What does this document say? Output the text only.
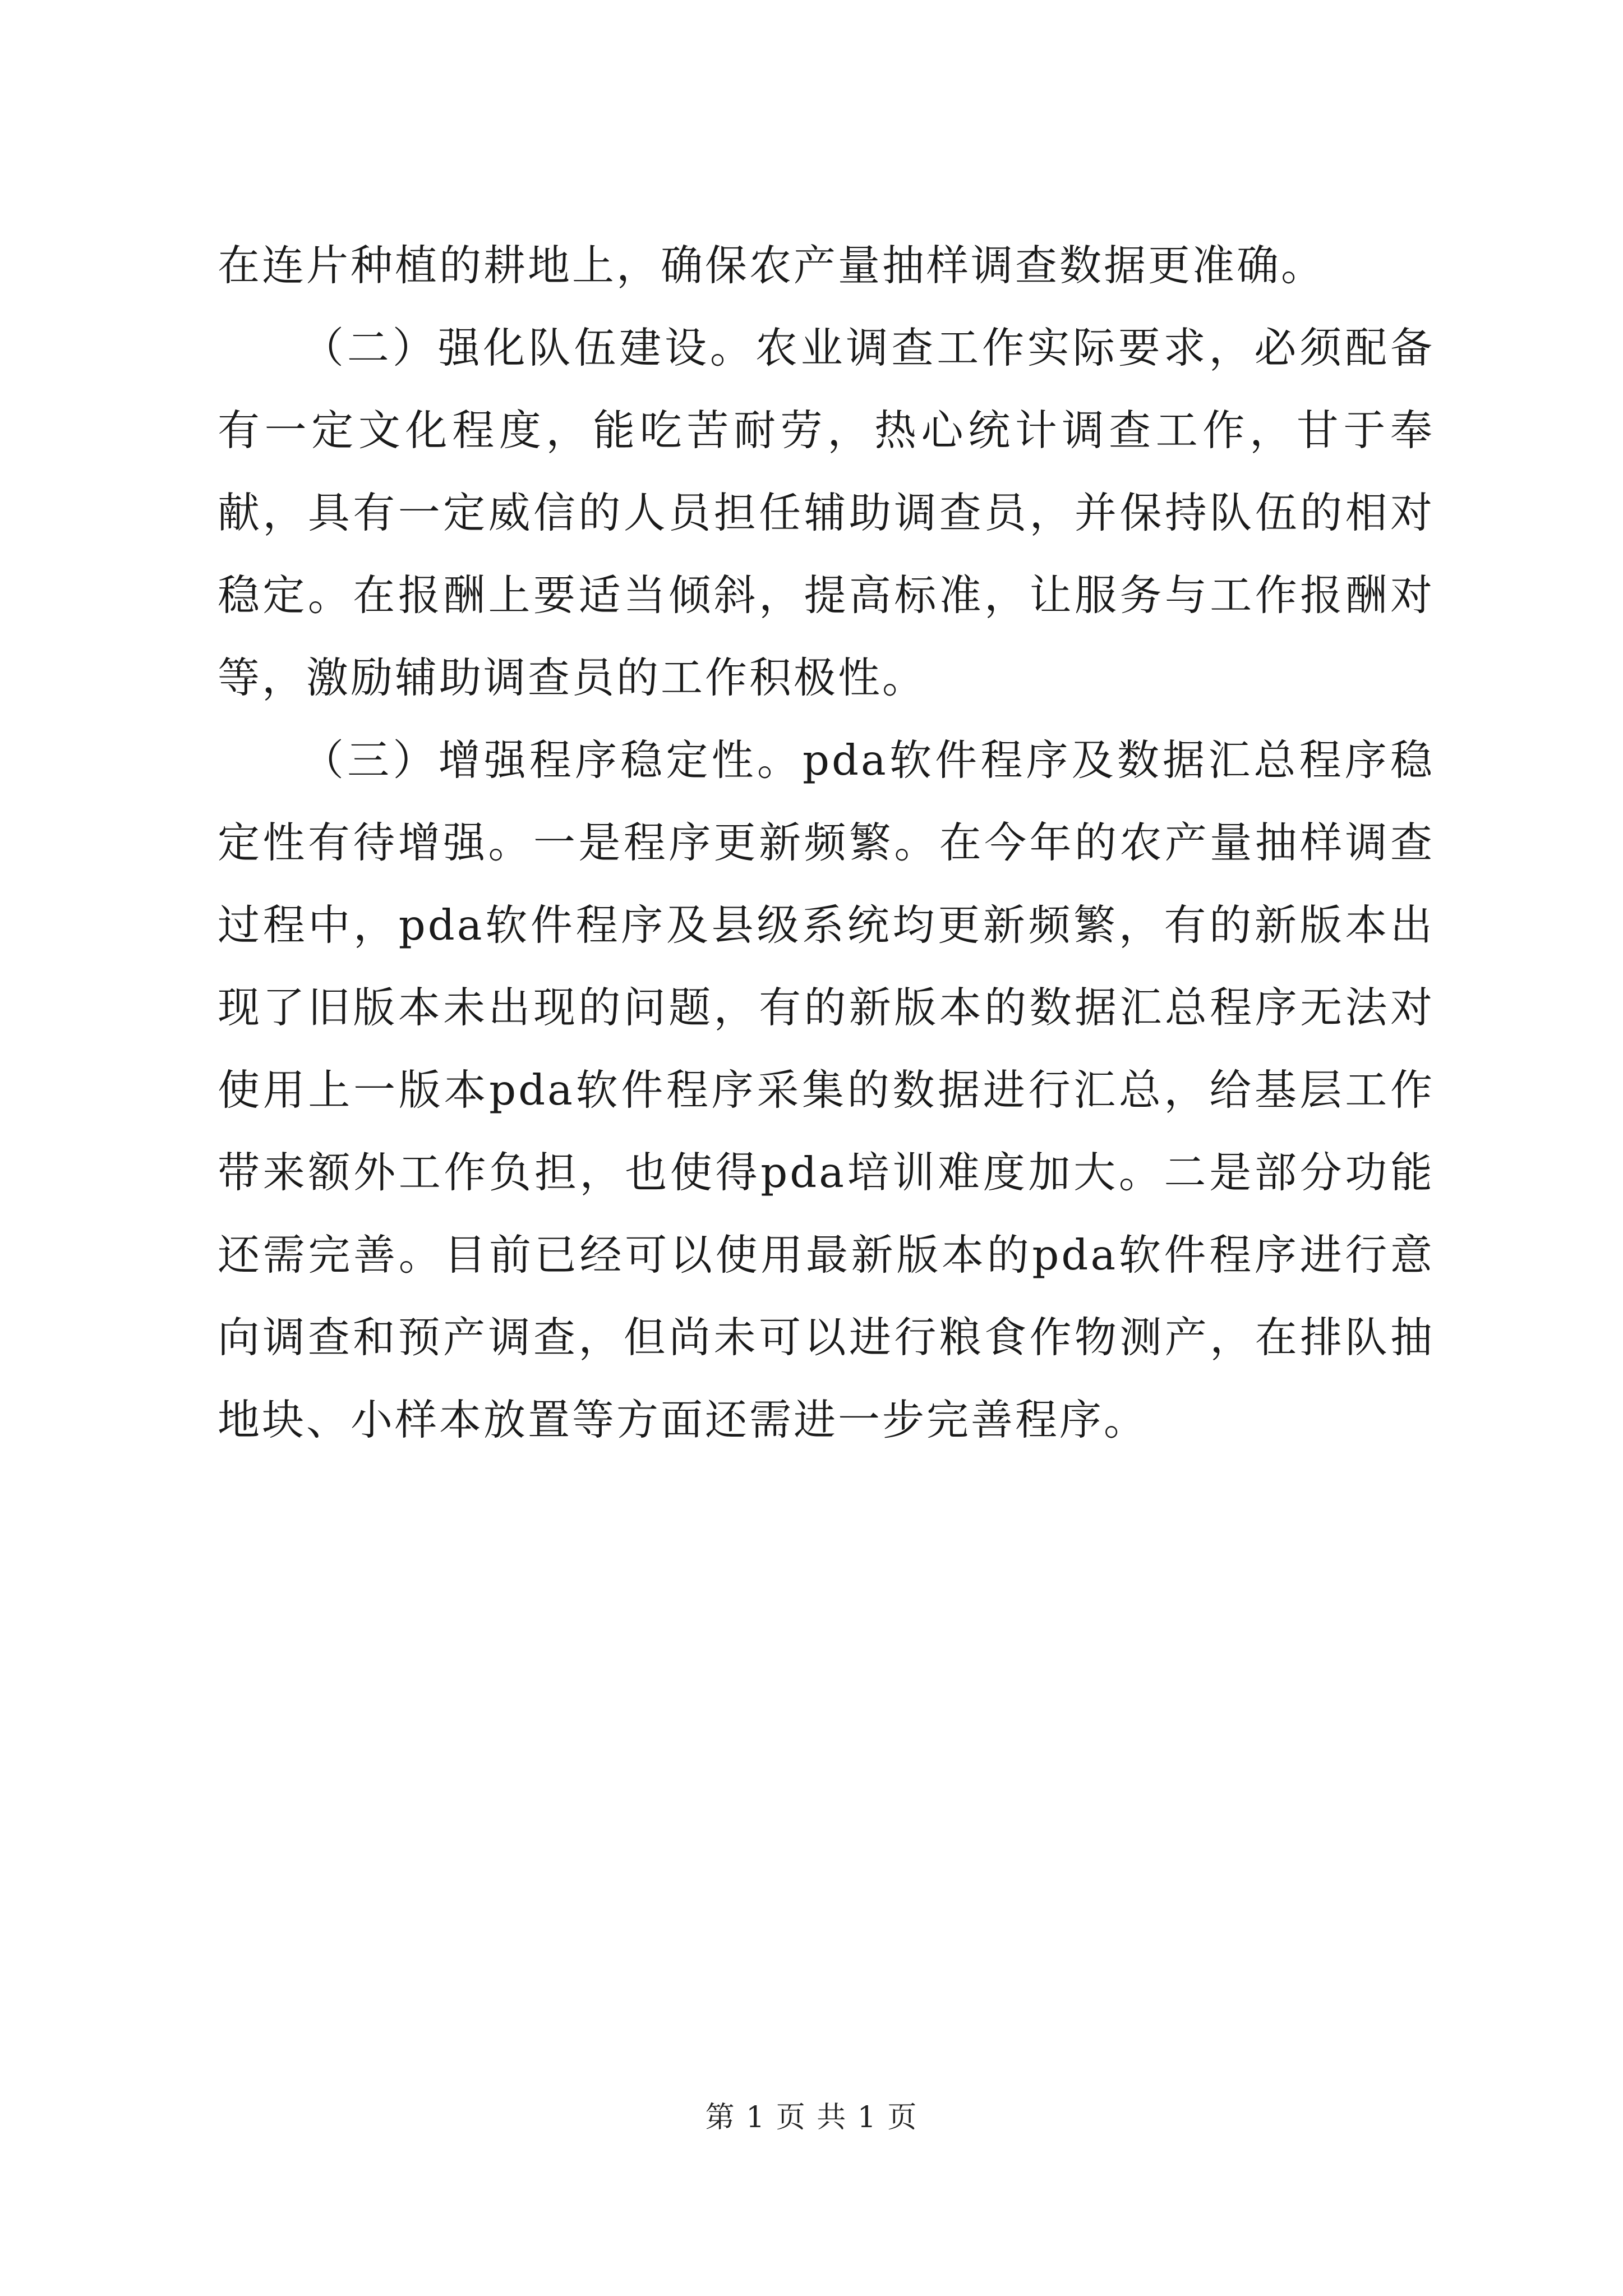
在连片种植的耕地上，确保农产量抽样调查数据更准确。

（二）强化队伍建设。农业调查工作实际要求，必须配备有一定文化程度，能吃苦耐劳，热心统计调查工作，甘于奉献，具有一定威信的人员担任辅助调查员，并保持队伍的相对稳定。在报酬上要适当倾斜，提高标准，让服务与工作报酬对等，激励辅助调查员的工作积极性。

（三）增强程序稳定性。pda软件程序及数据汇总程序稳定性有待增强。一是程序更新频繁。在今年的农产量抽样调查过程中，pda软件程序及县级系统均更新频繁，有的新版本出现了旧版本未出现的问题，有的新版本的数据汇总程序无法对使用上一版本pda软件程序采集的数据进行汇总，给基层工作带来额外工作负担，也使得pda培训难度加大。二是部分功能还需完善。目前已经可以使用最新版本的pda软件程序进行意向调查和预产调查，但尚未可以进行粮食作物测产，在排队抽地块、小样本放置等方面还需进一步完善程序。

第 1 页 共 1 页
